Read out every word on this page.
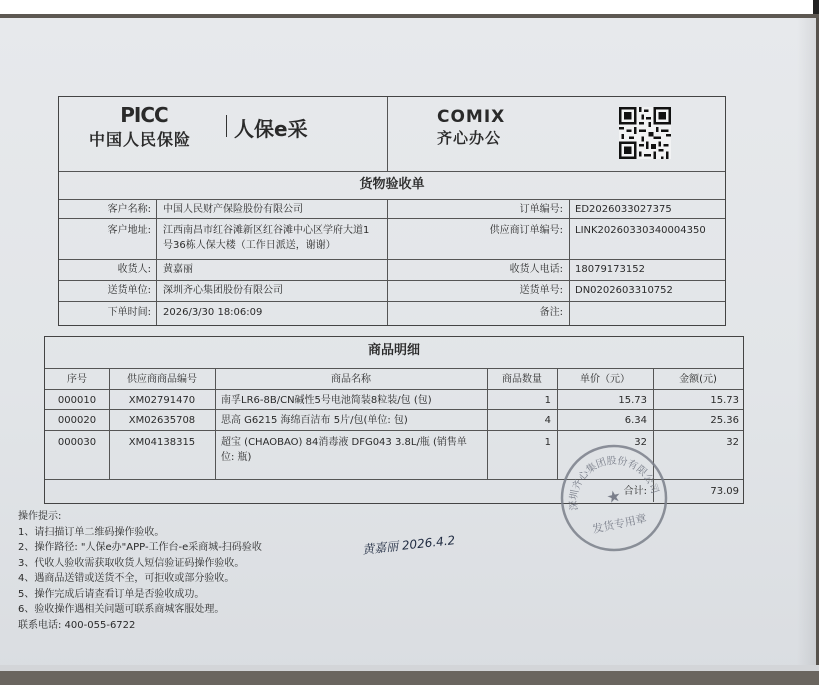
PICC
中国人民保险	人保e采	COMIX
齐心办公
货物验收单
客户名称: 中国人民财产保险股份有限公司	订单编号: ED2026033027375
客户地址: 江西南昌市红谷滩新区红谷滩中心区学府大道1
号36栋人保大楼（工作日派送，谢谢）
供应商订单编号: LINK20260330340004350
收货人: 黄嘉丽	收货人电话: 18079173152
送货单位: 深圳齐心集团股份有限公司	送货单号: DN0202603310752
下单时间: 2026/3/30 18:06:09	备注:
商品明细
序号	供应商商品编号	商品名称	商品数量	单价（元）	金额(元)
000010	XM02791470	南孚LR6-8B/CN碱性5号电池简装8粒装/包 (包)	1	15.73	15.73
000020	XM02635708	思高 G6215 海绵百洁布 5片/包(单位: 包)	4	6.34	25.36
000030	XM04138315	超宝 (CHAOBAO) 84消毒液 DFG043 3.8L/瓶 (销售单
位: 瓶)
1	32	32
合计:	73.09
操作提示:
1、请扫描订单二维码操作验收。
2、操作路径: "人保e办"APP-工作台-e采商城-扫码验收
3、代收人验收需获取收货人短信验证码操作验收。
4、遇商品送错或送货不全，可拒收或部分验收。
5、操作完成后请查看订单是否验收成功。
6、验收操作遇相关问题可联系商城客服处理。
联系电话: 400-055-6722
黄嘉丽 2026.4.2
深圳齐心集团股份有限公司
★
发货专用章
